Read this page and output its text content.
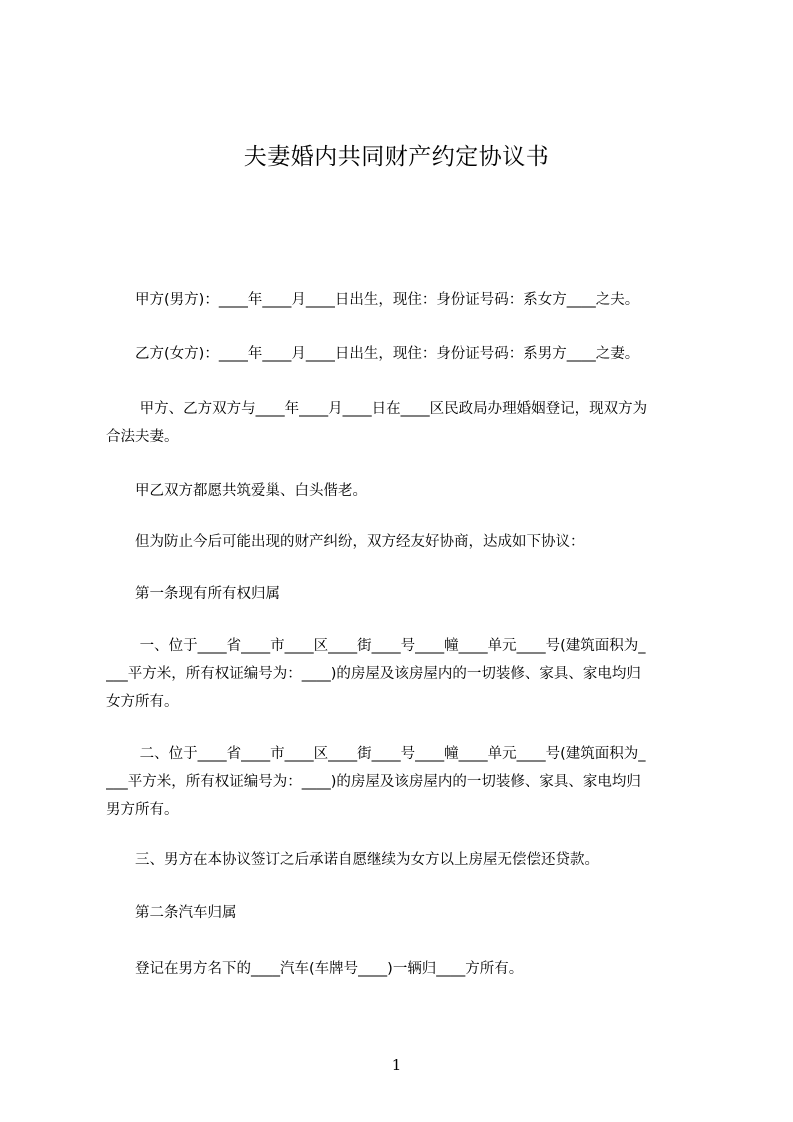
夫妻婚内共同财产约定协议书
　　甲方(男方)：____年____月____日出生，现住：身份证号码：系女方____之夫。
　　乙方(女方)：____年____月____日出生，现住：身份证号码：系男方____之妻。
　　 甲方、乙方双方与____年____月____日在____区民政局办理婚姻登记，现双方为
合法夫妻。
　　甲乙双方都愿共筑爱巢、白头偕老。
　　但为防止今后可能出现的财产纠纷，双方经友好协商，达成如下协议：
　　第一条现有所有权归属
　　 一、位于____省____市____区____街____号____幢____单元____号(建筑面积为_
___平方米，所有权证编号为：____)的房屋及该房屋内的一切装修、家具、家电均归
女方所有。
　　 二、位于____省____市____区____街____号____幢____单元____号(建筑面积为_
___平方米，所有权证编号为：____)的房屋及该房屋内的一切装修、家具、家电均归
男方所有。
　　三、男方在本协议签订之后承诺自愿继续为女方以上房屋无偿偿还贷款。
　　第二条汽车归属
　　登记在男方名下的____汽车(车牌号____)一辆归____方所有。
1
